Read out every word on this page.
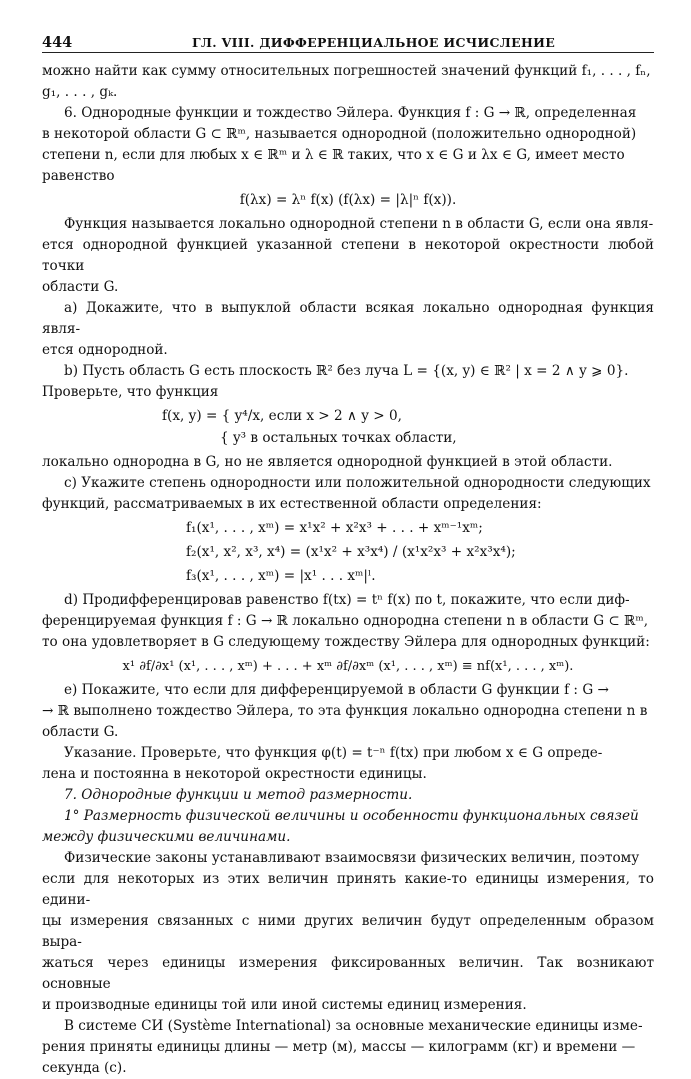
444	ГЛ. VIII. ДИФФЕРЕНЦИАЛЬНОЕ ИСЧИСЛЕНИЕ

можно найти как сумму относительных погрешностей значений функций f₁, . . . , fₙ,

g₁, . . . , gₖ.

6. Однородные функции и тождество Эйлера. Функция f : G → ℝ, определенная

в некоторой области G ⊂ ℝᵐ, называется однородной (положительно однородной)

степени n, если для любых x ∈ ℝᵐ и λ ∈ ℝ таких, что x ∈ G и λx ∈ G, имеет место

равенство

f(λx) = λⁿ f(x) (f(λx) = |λ|ⁿ f(x)).

Функция называется локально однородной степени n в области G, если она явля-

ется однородной функцией указанной степени в некоторой окрестности любой точки

области G.

a) Докажите, что в выпуклой области всякая локально однородная функция явля-

ется однородной.

b) Пусть область G есть плоскость ℝ² без луча L = {(x, y) ∈ ℝ² | x = 2 ∧ y ⩾ 0}.

Проверьте, что функция

f(x, y) = { y⁴/x, если x > 2 ∧ y > 0,

{ y³ в остальных точках области,

локально однородна в G, но не является однородной функцией в этой области.

c) Укажите степень однородности или положительной однородности следующих

функций, рассматриваемых в их естественной области определения:

f₁(x¹, . . . , xᵐ) = x¹x² + x²x³ + . . . + xᵐ⁻¹xᵐ;

f₂(x¹, x², x³, x⁴) = (x¹x² + x³x⁴) / (x¹x²x³ + x²x³x⁴);

f₃(x¹, . . . , xᵐ) = |x¹ . . . xᵐ|ˡ.

d) Продифференцировав равенство f(tx) = tⁿ f(x) по t, покажите, что если диф-

ференцируемая функция f : G → ℝ локально однородна степени n в области G ⊂ ℝᵐ,

то она удовлетворяет в G следующему тождеству Эйлера для однородных функций:

x¹ ∂f/∂x¹ (x¹, . . . , xᵐ) + . . . + xᵐ ∂f/∂xᵐ (x¹, . . . , xᵐ) ≡ nf(x¹, . . . , xᵐ).

e) Покажите, что если для дифференцируемой в области G функции f : G →

→ ℝ выполнено тождество Эйлера, то эта функция локально однородна степени n в

области G.

Указание. Проверьте, что функция φ(t) = t⁻ⁿ f(tx) при любом x ∈ G опреде-

лена и постоянна в некоторой окрестности единицы.

7. Однородные функции и метод размерности.

1° Размерность физической величины и особенности функциональных связей

между физическими величинами.

Физические законы устанавливают взаимосвязи физических величин, поэтому

если для некоторых из этих величин принять какие-то единицы измерения, то едини-

цы измерения связанных с ними других величин будут определенным образом выра-

жаться через единицы измерения фиксированных величин. Так возникают основные

и производные единицы той или иной системы единиц измерения.

В системе СИ (Système International) за основные механические единицы изме-

рения приняты единицы длины — метр (м), массы — килограмм (кг) и времени —

секунда (с).
